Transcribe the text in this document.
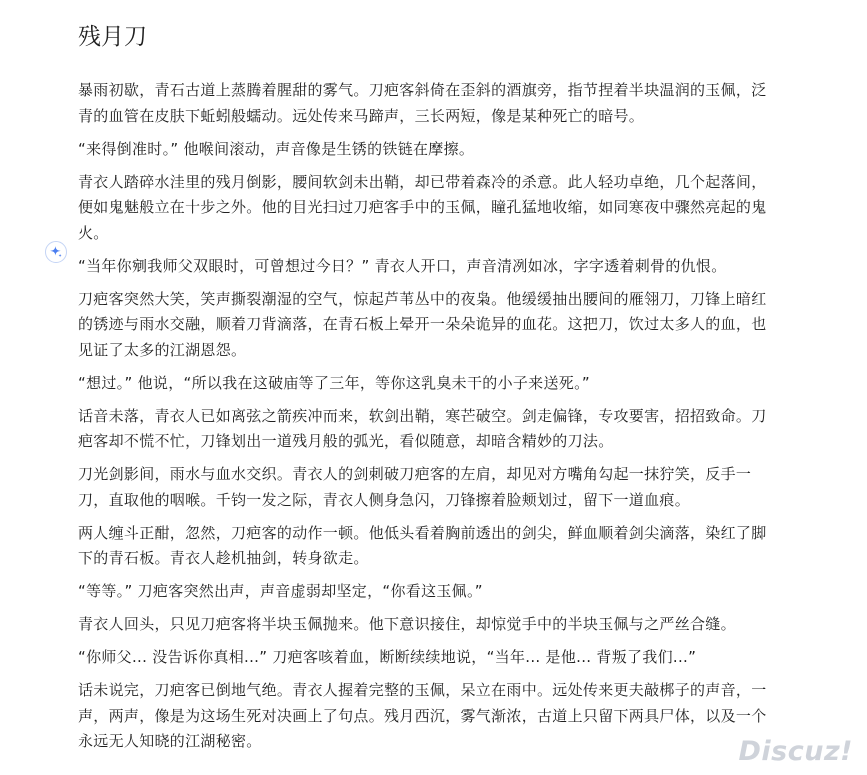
残月刀

暴雨初歇，青石古道上蒸腾着腥甜的雾气。刀疤客斜倚在歪斜的酒旗旁，指节捏着半块温润的玉佩，泛青的血管在皮肤下蚯蚓般蠕动。远处传来马蹄声，三长两短，像是某种死亡的暗号。

“来得倒准时。” 他喉间滚动，声音像是生锈的铁链在摩擦。

青衣人踏碎水洼里的残月倒影，腰间软剑未出鞘，却已带着森冷的杀意。此人轻功卓绝，几个起落间，便如鬼魅般立在十步之外。他的目光扫过刀疤客手中的玉佩，瞳孔猛地收缩，如同寒夜中骤然亮起的鬼火。

“当年你剜我师父双眼时，可曾想过今日？” 青衣人开口，声音清冽如冰，字字透着刺骨的仇恨。

刀疤客突然大笑，笑声撕裂潮湿的空气，惊起芦苇丛中的夜枭。他缓缓抽出腰间的雁翎刀，刀锋上暗红的锈迹与雨水交融，顺着刀背滴落，在青石板上晕开一朵朵诡异的血花。这把刀，饮过太多人的血，也见证了太多的江湖恩怨。

“想过。” 他说，“所以我在这破庙等了三年，等你这乳臭未干的小子来送死。”

话音未落，青衣人已如离弦之箭疾冲而来，软剑出鞘，寒芒破空。剑走偏锋，专攻要害，招招致命。刀疤客却不慌不忙，刀锋划出一道残月般的弧光，看似随意，却暗含精妙的刀法。

刀光剑影间，雨水与血水交织。青衣人的剑刺破刀疤客的左肩，却见对方嘴角勾起一抹狞笑，反手一刀，直取他的咽喉。千钧一发之际，青衣人侧身急闪，刀锋擦着脸颊划过，留下一道血痕。

两人缠斗正酣，忽然，刀疤客的动作一顿。他低头看着胸前透出的剑尖，鲜血顺着剑尖滴落，染红了脚下的青石板。青衣人趁机抽剑，转身欲走。

“等等。” 刀疤客突然出声，声音虚弱却坚定，“你看这玉佩。”

青衣人回头，只见刀疤客将半块玉佩抛来。他下意识接住，却惊觉手中的半块玉佩与之严丝合缝。

“你师父... 没告诉你真相...” 刀疤客咳着血，断断续续地说，“当年... 是他... 背叛了我们...”

话未说完，刀疤客已倒地气绝。青衣人握着完整的玉佩，呆立在雨中。远处传来更夫敲梆子的声音，一声，两声，像是为这场生死对决画上了句点。残月西沉，雾气渐浓，古道上只留下两具尸体，以及一个永远无人知晓的江湖秘密。	Discuz!
